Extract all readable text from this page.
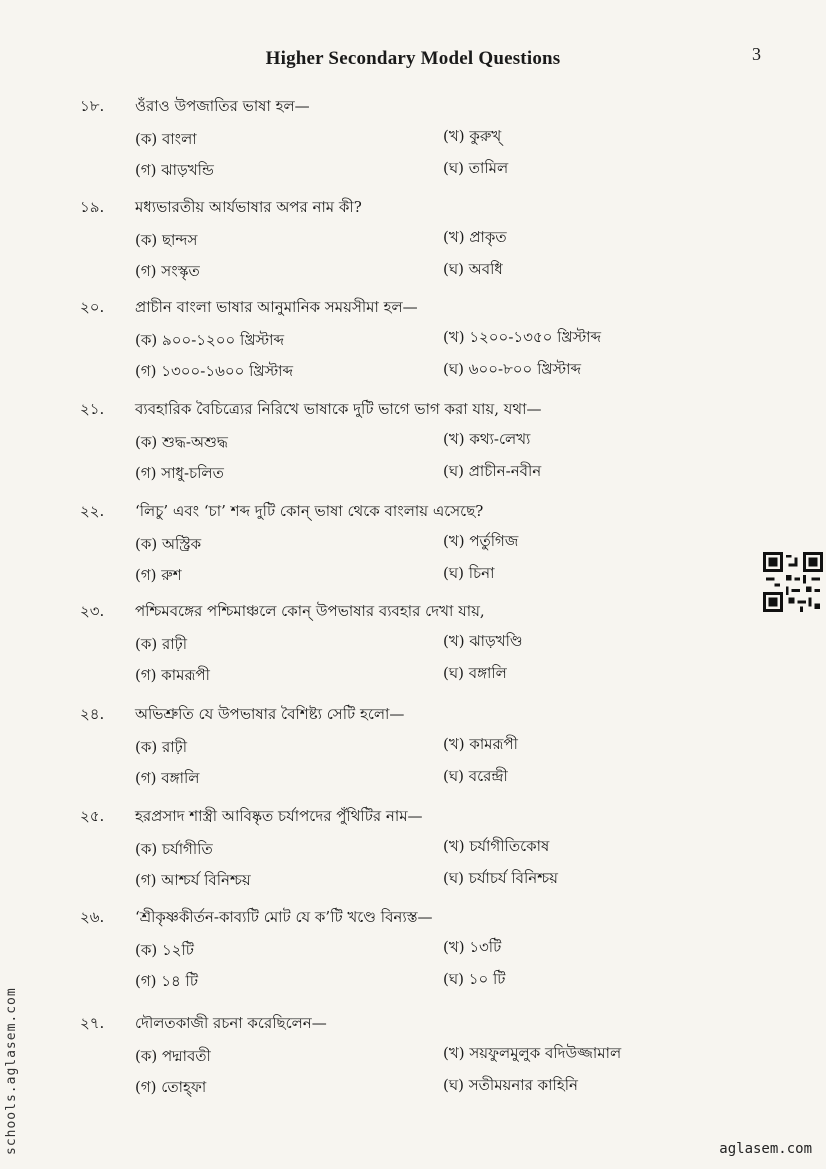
Higher Secondary Model Questions	3
১৮.	ওঁরাও উপজাতির ভাষা হল—
(ক) বাংলা	(খ) কুরুখ্
(গ) ঝাড়খন্ডি	(ঘ) তামিল
১৯.	মধ্যভারতীয় আর্যভাষার অপর নাম কী?
(ক) ছান্দস	(খ) প্রাকৃত
(গ) সংস্কৃত	(ঘ) অবধি
২০.	প্রাচীন বাংলা ভাষার আনুমানিক সময়সীমা হল—
(ক) ৯০০-১২০০ খ্রিস্টাব্দ	(খ) ১২০০-১৩৫০ খ্রিস্টাব্দ
(গ) ১৩০০-১৬০০ খ্রিস্টাব্দ	(ঘ) ৬০০-৮০০ খ্রিস্টাব্দ
২১.	ব্যবহারিক বৈচিত্র্যের নিরিখে ভাষাকে দুটি ভাগে ভাগ করা যায়, যথা—
(ক) শুদ্ধ-অশুদ্ধ	(খ) কথ্য-লেখ্য
(গ) সাধু-চলিত	(ঘ) প্রাচীন-নবীন
২২.	‘লিচু’ এবং ‘চা’ শব্দ দুটি কোন্ ভাষা থেকে বাংলায় এসেছে?
(ক) অস্ট্রিক	(খ) পর্তুগিজ
(গ) রুশ	(ঘ) চিনা
২৩.	পশ্চিমবঙ্গের পশ্চিমাঞ্চলে কোন্ উপভাষার ব্যবহার দেখা যায়,
(ক) রাঢ়ী	(খ) ঝাড়খণ্ডি
(গ) কামরূপী	(ঘ) বঙ্গালি
২৪.	অভিশ্রুতি যে উপভাষার বৈশিষ্ট্য সেটি হলো—
(ক) রাঢ়ী	(খ) কামরূপী
(গ) বঙ্গালি	(ঘ) বরেন্দ্রী
২৫.	হরপ্রসাদ শাস্ত্রী আবিষ্কৃত চর্যাপদের পুঁথিটির নাম—
(ক) চর্যাগীতি	(খ) চর্যাগীতিকোষ
(গ) আশ্চর্য বিনিশ্চয়	(ঘ) চর্যাচর্য বিনিশ্চয়
২৬.	‘শ্রীকৃষ্ণকীর্তন-কাব্যটি মোট যে ক’টি খণ্ডে বিন্যস্ত—
(ক) ১২টি	(খ) ১৩টি
(গ) ১৪ টি	(ঘ) ১০ টি
২৭.	দৌলতকাজী রচনা করেছিলেন—
(ক) পদ্মাবতী	(খ) সয়ফুলমুলুক বদিউজ্জামাল
(গ) তোহ্ফা	(ঘ) সতীময়নার কাহিনি
schools.aglasem.com	aglasem.com
